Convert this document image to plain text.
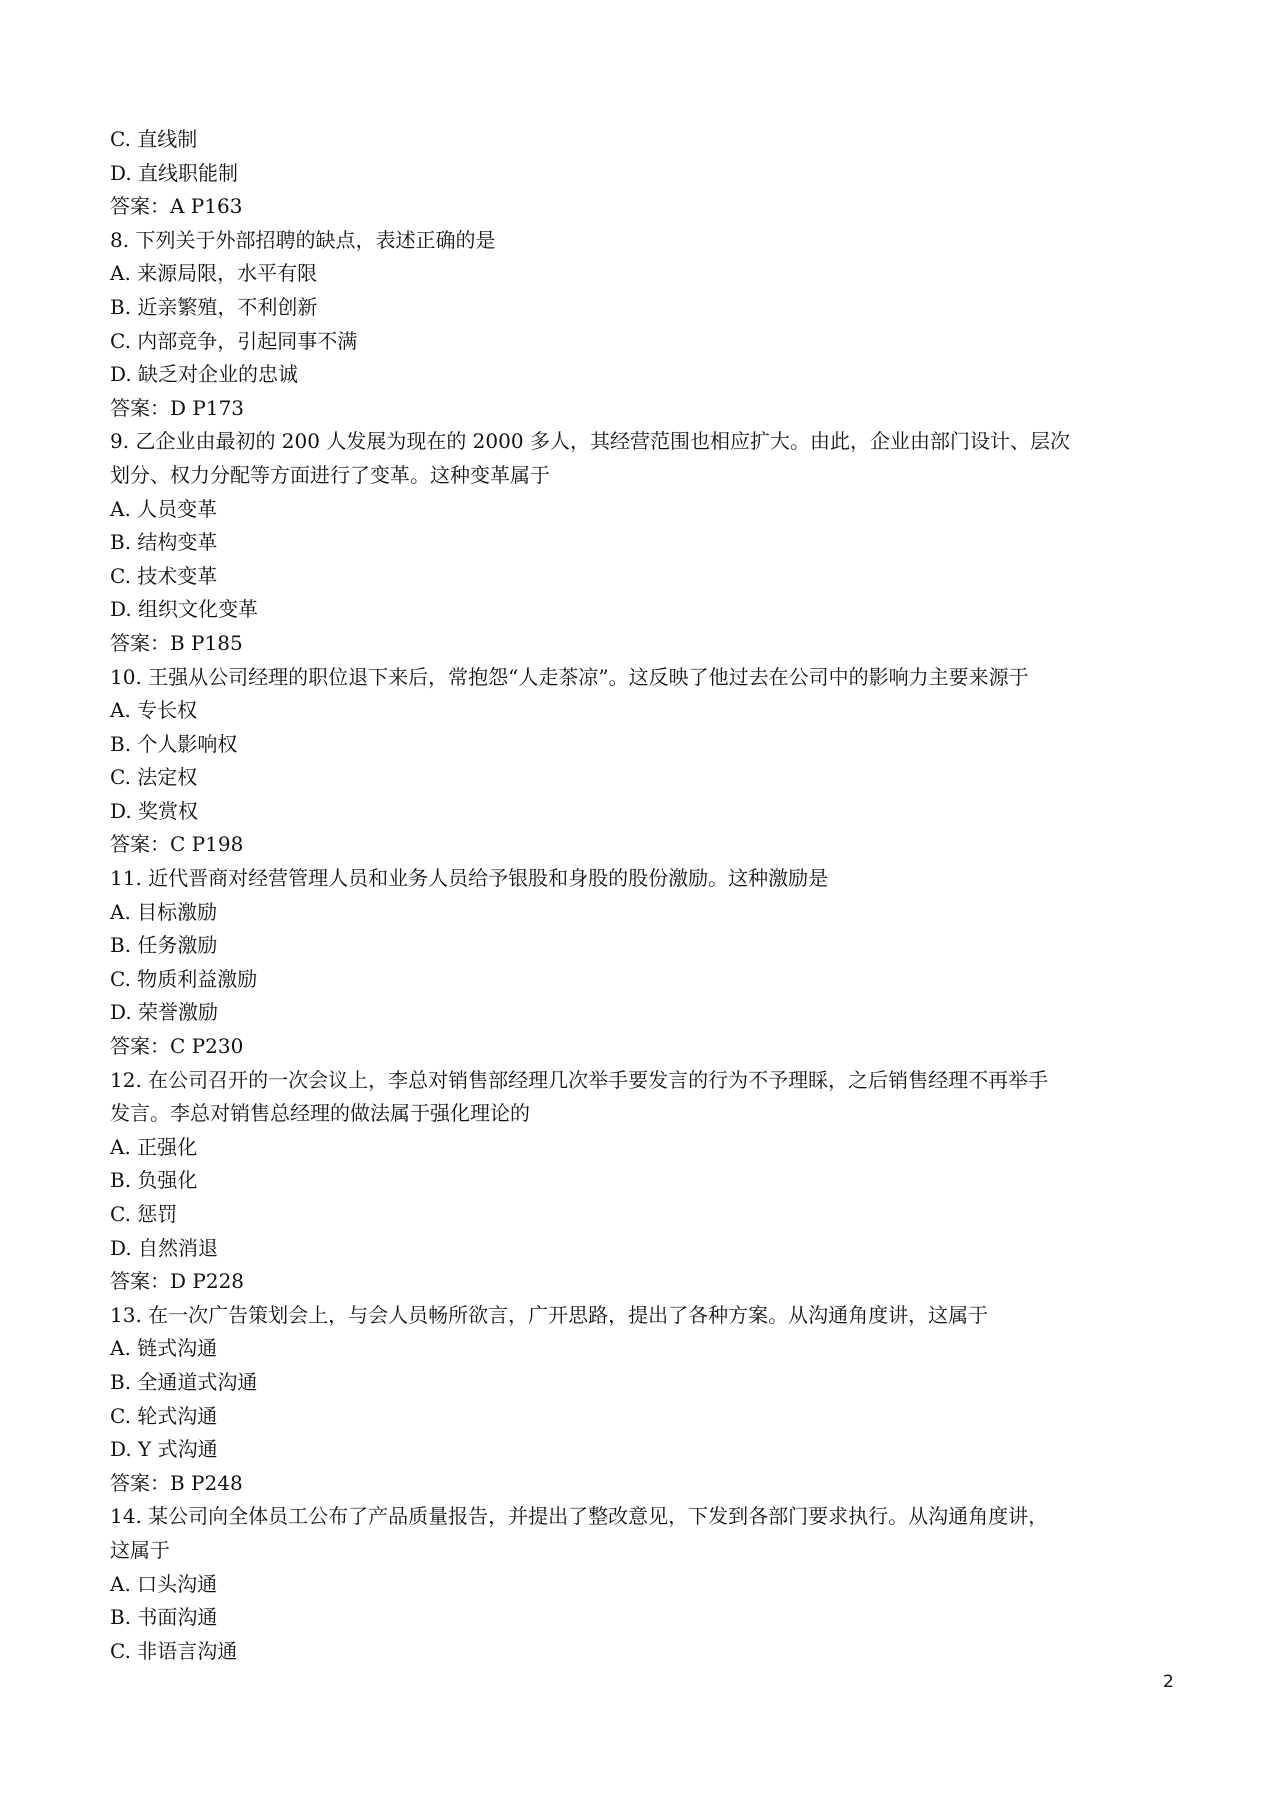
C. 直线制

D. 直线职能制

答案：A P163

8. 下列关于外部招聘的缺点，表述正确的是

A. 来源局限，水平有限

B. 近亲繁殖，不利创新

C. 内部竞争，引起同事不满

D. 缺乏对企业的忠诚

答案：D P173

9. 乙企业由最初的 200 人发展为现在的 2000 多人，其经营范围也相应扩大。由此，企业由部门设计、层次

划分、权力分配等方面进行了变革。这种变革属于

A. 人员变革

B. 结构变革

C. 技术变革

D. 组织文化变革

答案：B P185

10. 王强从公司经理的职位退下来后，常抱怨“人走茶凉”。这反映了他过去在公司中的影响力主要来源于

A. 专长权

B. 个人影响权

C. 法定权

D. 奖赏权

答案：C P198

11. 近代晋商对经营管理人员和业务人员给予银股和身股的股份激励。这种激励是

A. 目标激励

B. 任务激励

C. 物质利益激励

D. 荣誉激励

答案：C P230

12. 在公司召开的一次会议上，李总对销售部经理几次举手要发言的行为不予理睬，之后销售经理不再举手

发言。李总对销售总经理的做法属于强化理论的

A. 正强化

B. 负强化

C. 惩罚

D. 自然消退

答案：D P228

13. 在一次广告策划会上，与会人员畅所欲言，广开思路，提出了各种方案。从沟通角度讲，这属于

A. 链式沟通

B. 全通道式沟通

C. 轮式沟通

D. Y 式沟通

答案：B P248

14. 某公司向全体员工公布了产品质量报告，并提出了整改意见，下发到各部门要求执行。从沟通角度讲，

这属于

A. 口头沟通

B. 书面沟通

C. 非语言沟通

2
